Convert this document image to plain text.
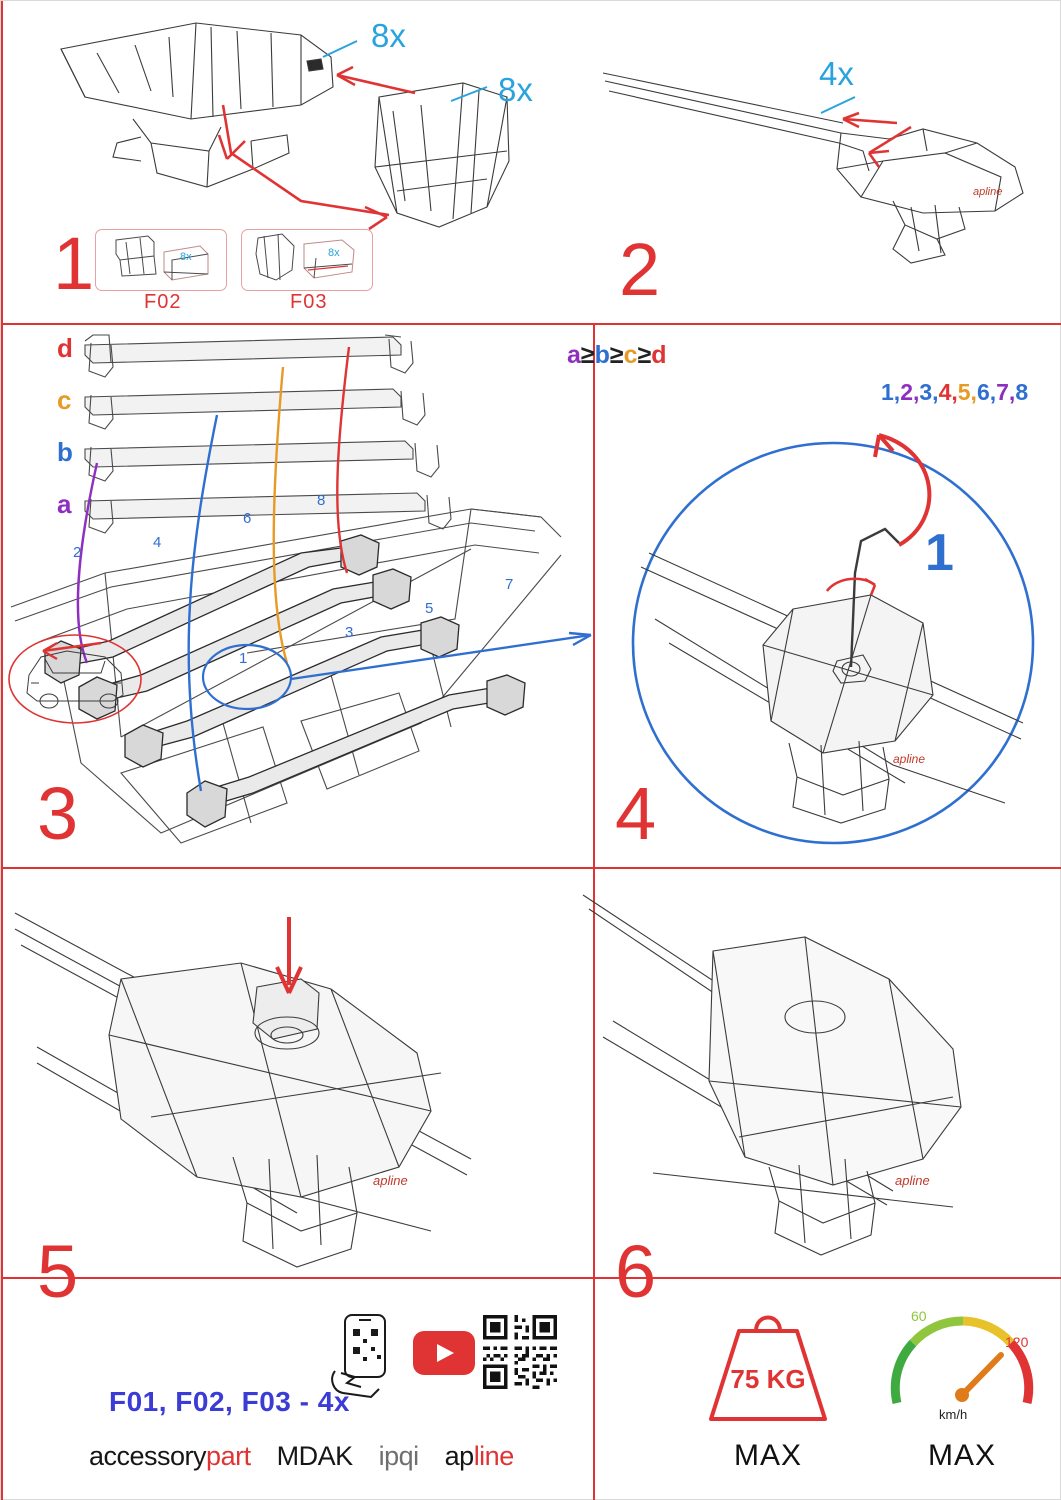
8x
8x
8x
F02
8x
F03
1
apline
4x
2
1
2
3
4
5
6
7
8
d
c
b
a
a≥b≥c≥d
3
apline
1,2,3,4,5,6,7,8
1
4
apline	apline
5
F01, F02, F03 - 4x
accessorypart MDAK ipqi apline
6
75 KG
MAX
60
120
km/h
MAX
